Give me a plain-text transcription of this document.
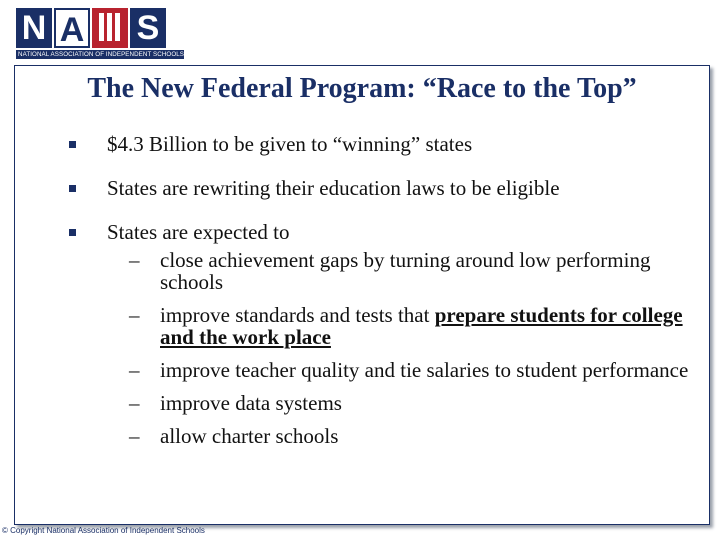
N A S
NATIONAL ASSOCIATION OF INDEPENDENT SCHOOLS
The New Federal Program: “Race to the Top”
$4.3 Billion to be given to “winning” states
States are rewriting their education laws to be eligible
States are expected to
– close achievement gaps by turning around low performing schools
– improve standards and tests that prepare students for college and the work place
– improve teacher quality and tie salaries to student performance
– improve data systems
– allow charter schools
© Copyright National Association of Independent Schools
